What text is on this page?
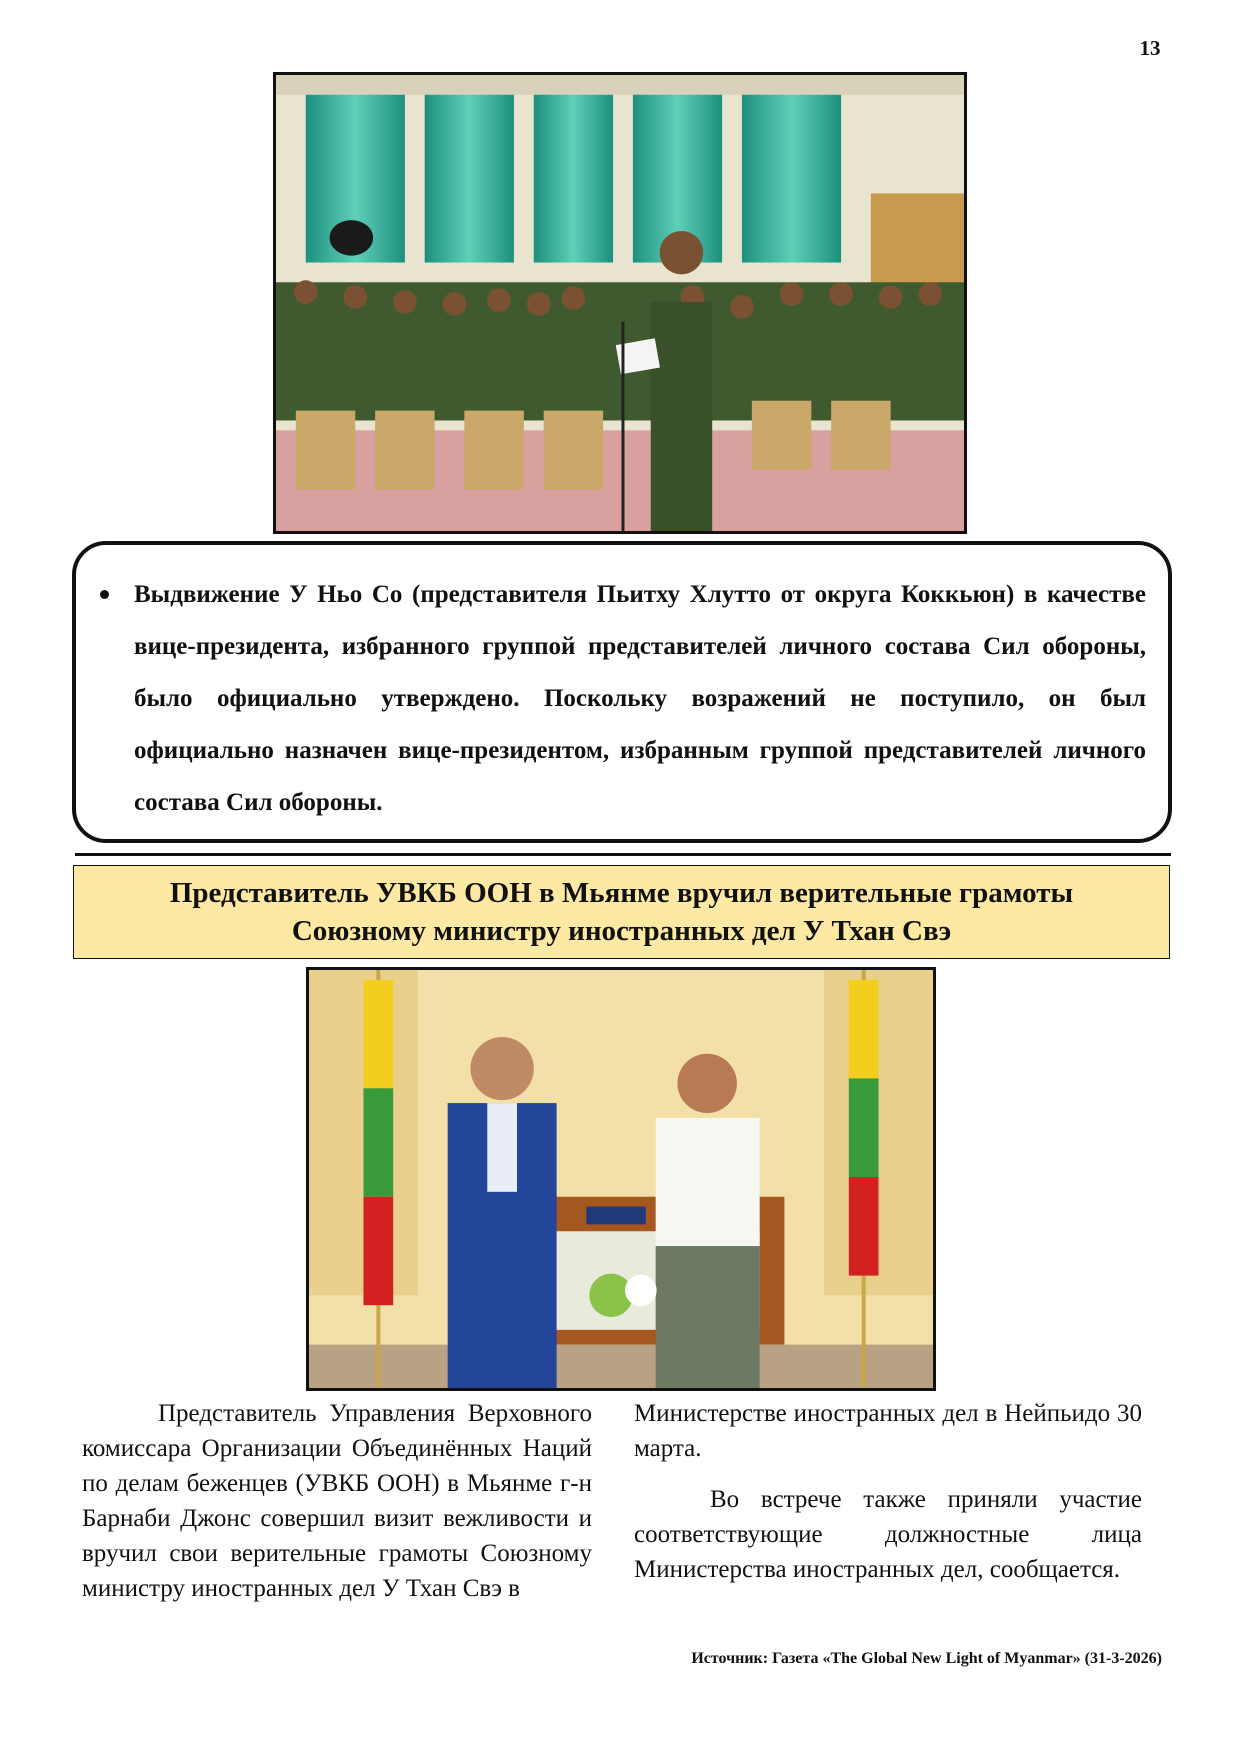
13

Выдвижение У Ньо Со (представителя Пьитху Хлутто от округа Коккьюн) в качестве вице-президента, избранного группой представителей личного состава Сил обороны, было официально утверждено. Поскольку возражений не поступило, он был официально назначен вице-президентом, избранным группой представителей личного состава Сил обороны.

Представитель УВКБ ООН в Мьянме вручил верительные грамоты
Союзному министру иностранных дел У Тхан Свэ

Представитель Управления Верховного комиссара Организации Объединённых Наций по делам беженцев (УВКБ ООН) в Мьянме г-н Барнаби Джонс совершил визит вежливости и вручил свои верительные грамоты Союзному министру иностранных дел У Тхан Свэ в

Министерстве иностранных дел в Нейпьидо 30 марта.

Во встрече также приняли участие соответствующие должностные лица Министерства иностранных дел, сообщается.

Источник: Газета «The Global New Light of Myanmar» (31-3-2026)
